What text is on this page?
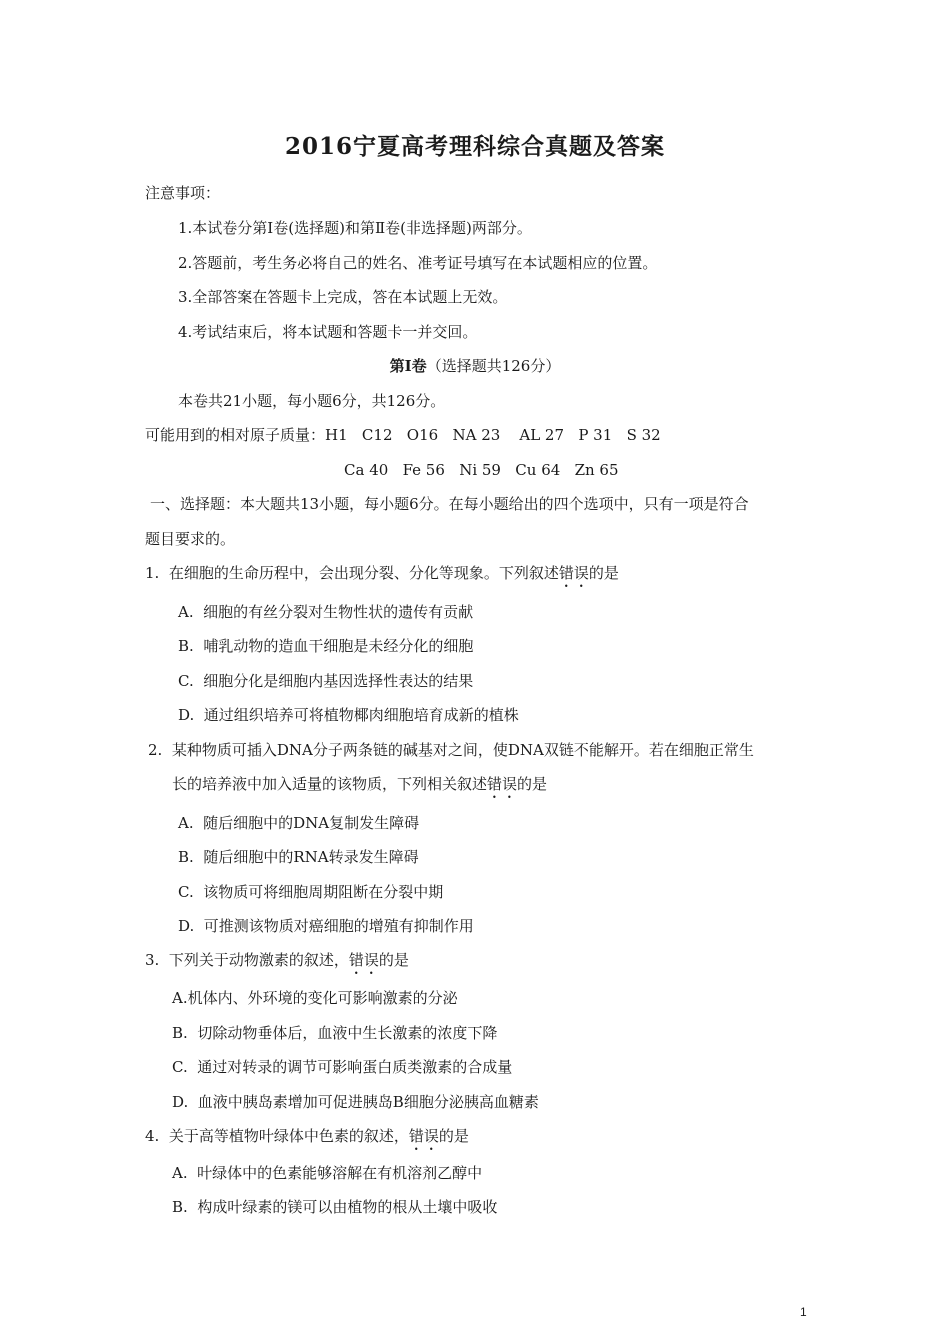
2016宁夏高考理科综合真题及答案
注意事项：
1.本试卷分第Ⅰ卷(选择题)和第Ⅱ卷(非选择题)两部分。
2.答题前，考生务必将自己的姓名、准考证号填写在本试题相应的位置。
3.全部答案在答题卡上完成，答在本试题上无效。
4.考试结束后，将本试题和答题卡一并交回。
第Ⅰ卷（选择题共126分）
本卷共21小题，每小题6分，共126分。
可能用到的相对原子质量：H1   C12   O16   NA 23    AL 27   P 31   S 32
Ca 40   Fe 56   Ni 59   Cu 64   Zn 65
一、选择题：本大题共13小题，每小题6分。在每小题给出的四个选项中，只有一项是符合
题目要求的。
1.  在细胞的生命历程中，会出现分裂、分化等现象。下列叙述错误的是
A.  细胞的有丝分裂对生物性状的遗传有贡献
B.  哺乳动物的造血干细胞是未经分化的细胞
C.  细胞分化是细胞内基因选择性表达的结果
D.  通过组织培养可将植物椰肉细胞培育成新的植株
2.  某种物质可插入DNA分子两条链的碱基对之间，使DNA双链不能解开。若在细胞正常生
长的培养液中加入适量的该物质，下列相关叙述错误的是
A.  随后细胞中的DNA复制发生障碍
B.  随后细胞中的RNA转录发生障碍
C.  该物质可将细胞周期阻断在分裂中期
D.  可推测该物质对癌细胞的增殖有抑制作用
3.  下列关于动物激素的叙述，错误的是
A.机体内、外环境的变化可影响激素的分泌
B.  切除动物垂体后，血液中生长激素的浓度下降
C.  通过对转录的调节可影响蛋白质类激素的合成量
D.  血液中胰岛素增加可促进胰岛B细胞分泌胰高血糖素
4.  关于高等植物叶绿体中色素的叙述，错误的是
A.  叶绿体中的色素能够溶解在有机溶剂乙醇中
B.  构成叶绿素的镁可以由植物的根从土壤中吸收
1
